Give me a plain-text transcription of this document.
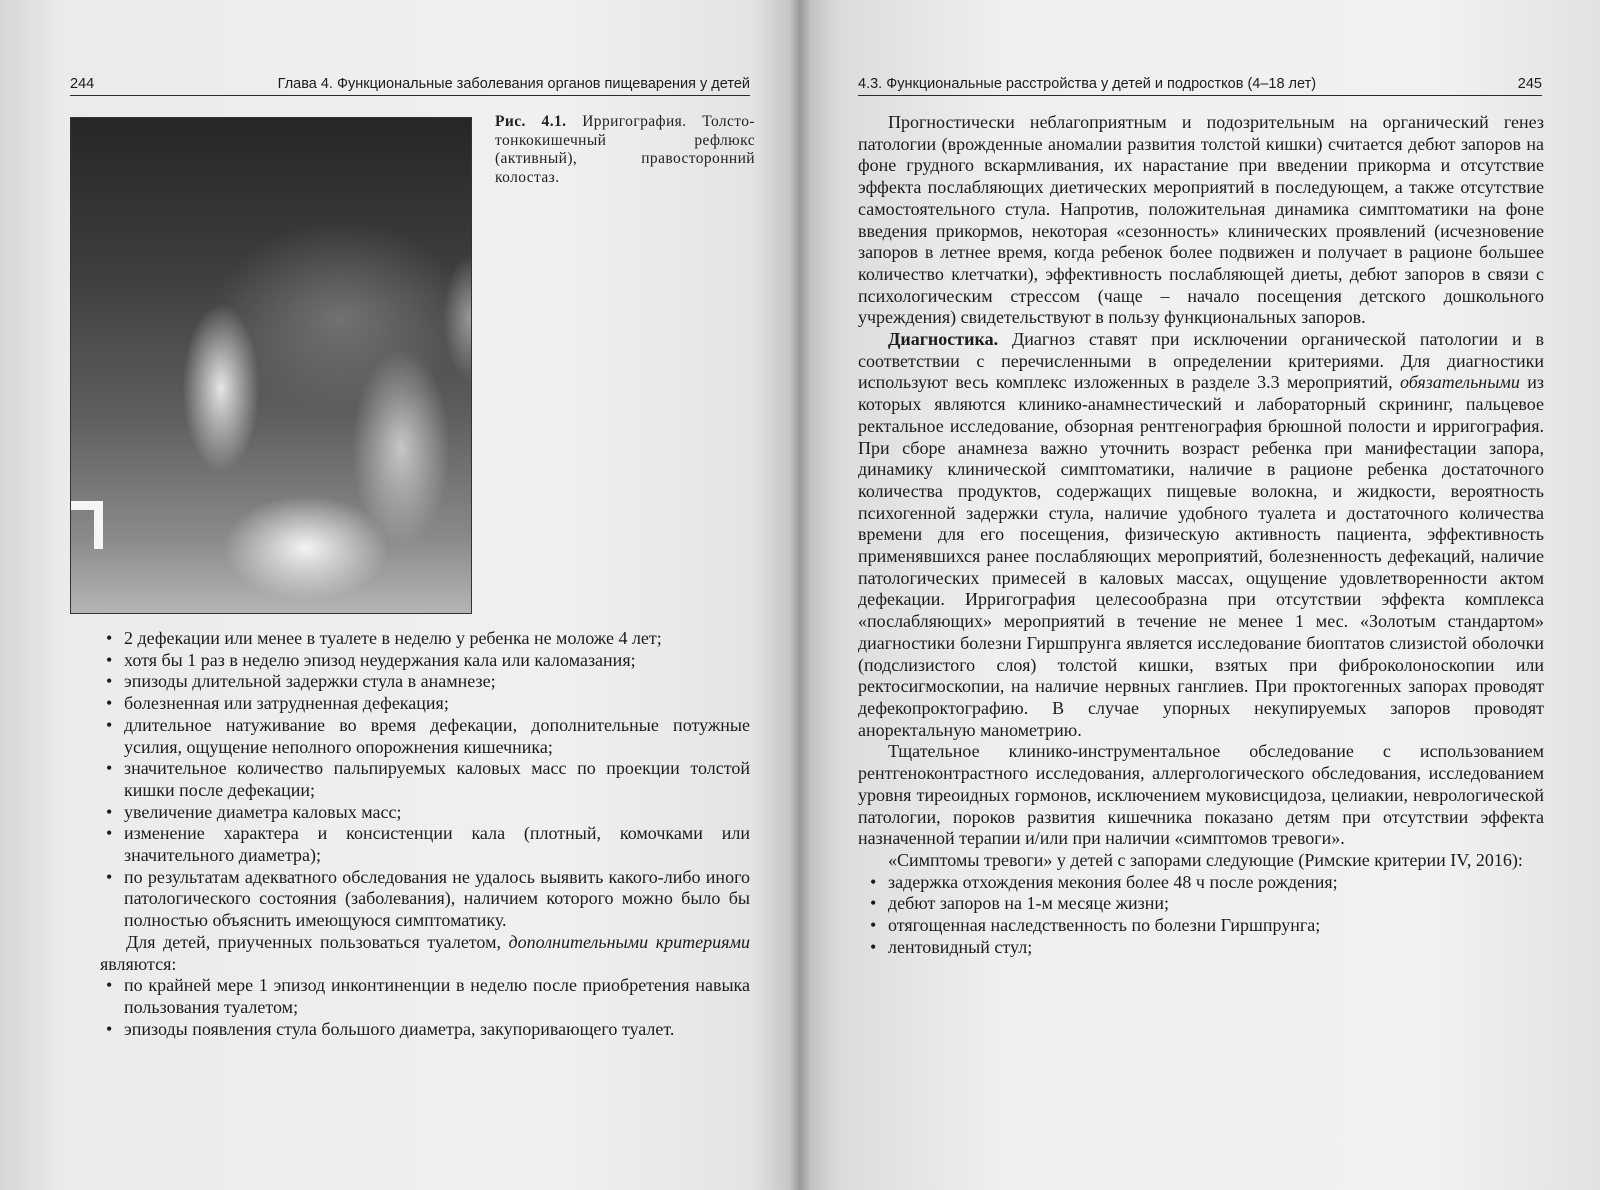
244	Глава 4. Функциональные заболевания органов пищеварения у детей
Рис. 4.1. Ирригография. Толсто-тонкокишечный рефлюкс (активный), правосторонний колостаз.
• 2 дефекации или менее в туалете в неделю у ребенка не моложе 4 лет;
• хотя бы 1 раз в неделю эпизод неудержания кала или каломазания;
• эпизоды длительной задержки стула в анамнезе;
• болезненная или затрудненная дефекация;
• длительное натуживание во время дефекации, дополнительные потужные усилия, ощущение неполного опорожнения кишечника;
• значительное количество пальпируемых каловых масс по проекции толстой кишки после дефекации;
• увеличение диаметра каловых масс;
• изменение характера и консистенции кала (плотный, комочками или значительного диаметра);
• по результатам адекватного обследования не удалось выявить какого-либо иного патологического состояния (заболевания), наличием которого можно было бы полностью объяснить имеющуюся симптоматику.

Для детей, приученных пользоваться туалетом, дополнительными критериями являются:

• по крайней мере 1 эпизод инконтиненции в неделю после приобретения навыка пользования туалетом;
• эпизоды появления стула большого диаметра, закупоривающего туалет.
4.3. Функциональные расстройства у детей и подростков (4–18 лет)	245

Прогностически неблагоприятным и подозрительным на органический генез патологии (врожденные аномалии развития толстой кишки) считается дебют запоров на фоне грудного вскармливания, их нарастание при введении прикорма и отсутствие эффекта послабляющих диетических мероприятий в последующем, а также отсутствие самостоятельного стула. Напротив, положительная динамика симптоматики на фоне введения прикормов, некоторая «сезонность» клинических проявлений (исчезновение запоров в летнее время, когда ребенок более подвижен и получает в рационе большее количество клетчатки), эффективность послабляющей диеты, дебют запоров в связи с психологическим стрессом (чаще – начало посещения детского дошкольного учреждения) свидетельствуют в пользу функциональных запоров.

Диагностика. Диагноз ставят при исключении органической патологии и в соответствии с перечисленными в определении критериями. Для диагностики используют весь комплекс изложенных в разделе 3.3 мероприятий, обязательными из которых являются клинико-анамнестический и лабораторный скрининг, пальцевое ректальное исследование, обзорная рентгенография брюшной полости и ирригография. При сборе анамнеза важно уточнить возраст ребенка при манифестации запора, динамику клинической симптоматики, наличие в рационе ребенка достаточного количества продуктов, содержащих пищевые волокна, и жидкости, вероятность психогенной задержки стула, наличие удобного туалета и достаточного количества времени для его посещения, физическую активность пациента, эффективность применявшихся ранее послабляющих мероприятий, болезненность дефекаций, наличие патологических примесей в каловых массах, ощущение удовлетворенности актом дефекации. Ирригография целесообразна при отсутствии эффекта комплекса «послабляющих» мероприятий в течение не менее 1 мес. «Золотым стандартом» диагностики болезни Гиршпрунга является исследование биоптатов слизистой оболочки (подслизистого слоя) толстой кишки, взятых при фиброколоноскопии или ректосигмоскопии, на наличие нервных ганглиев. При проктогенных запорах проводят дефекопроктографию. В случае упорных некупируемых запоров проводят аноректальную манометрию.

Тщательное клинико-инструментальное обследование с использованием рентгеноконтрастного исследования, аллергологического обследования, исследованием уровня тиреоидных гормонов, исключением муковисцидоза, целиакии, неврологической патологии, пороков развития кишечника показано детям при отсутствии эффекта назначенной терапии и/или при наличии «симптомов тревоги».

«Симптомы тревоги» у детей с запорами следующие (Римские критерии IV, 2016):

• задержка отхождения мекония более 48 ч после рождения;
• дебют запоров на 1-м месяце жизни;
• отягощенная наследственность по болезни Гиршпрунга;
• лентовидный стул;
